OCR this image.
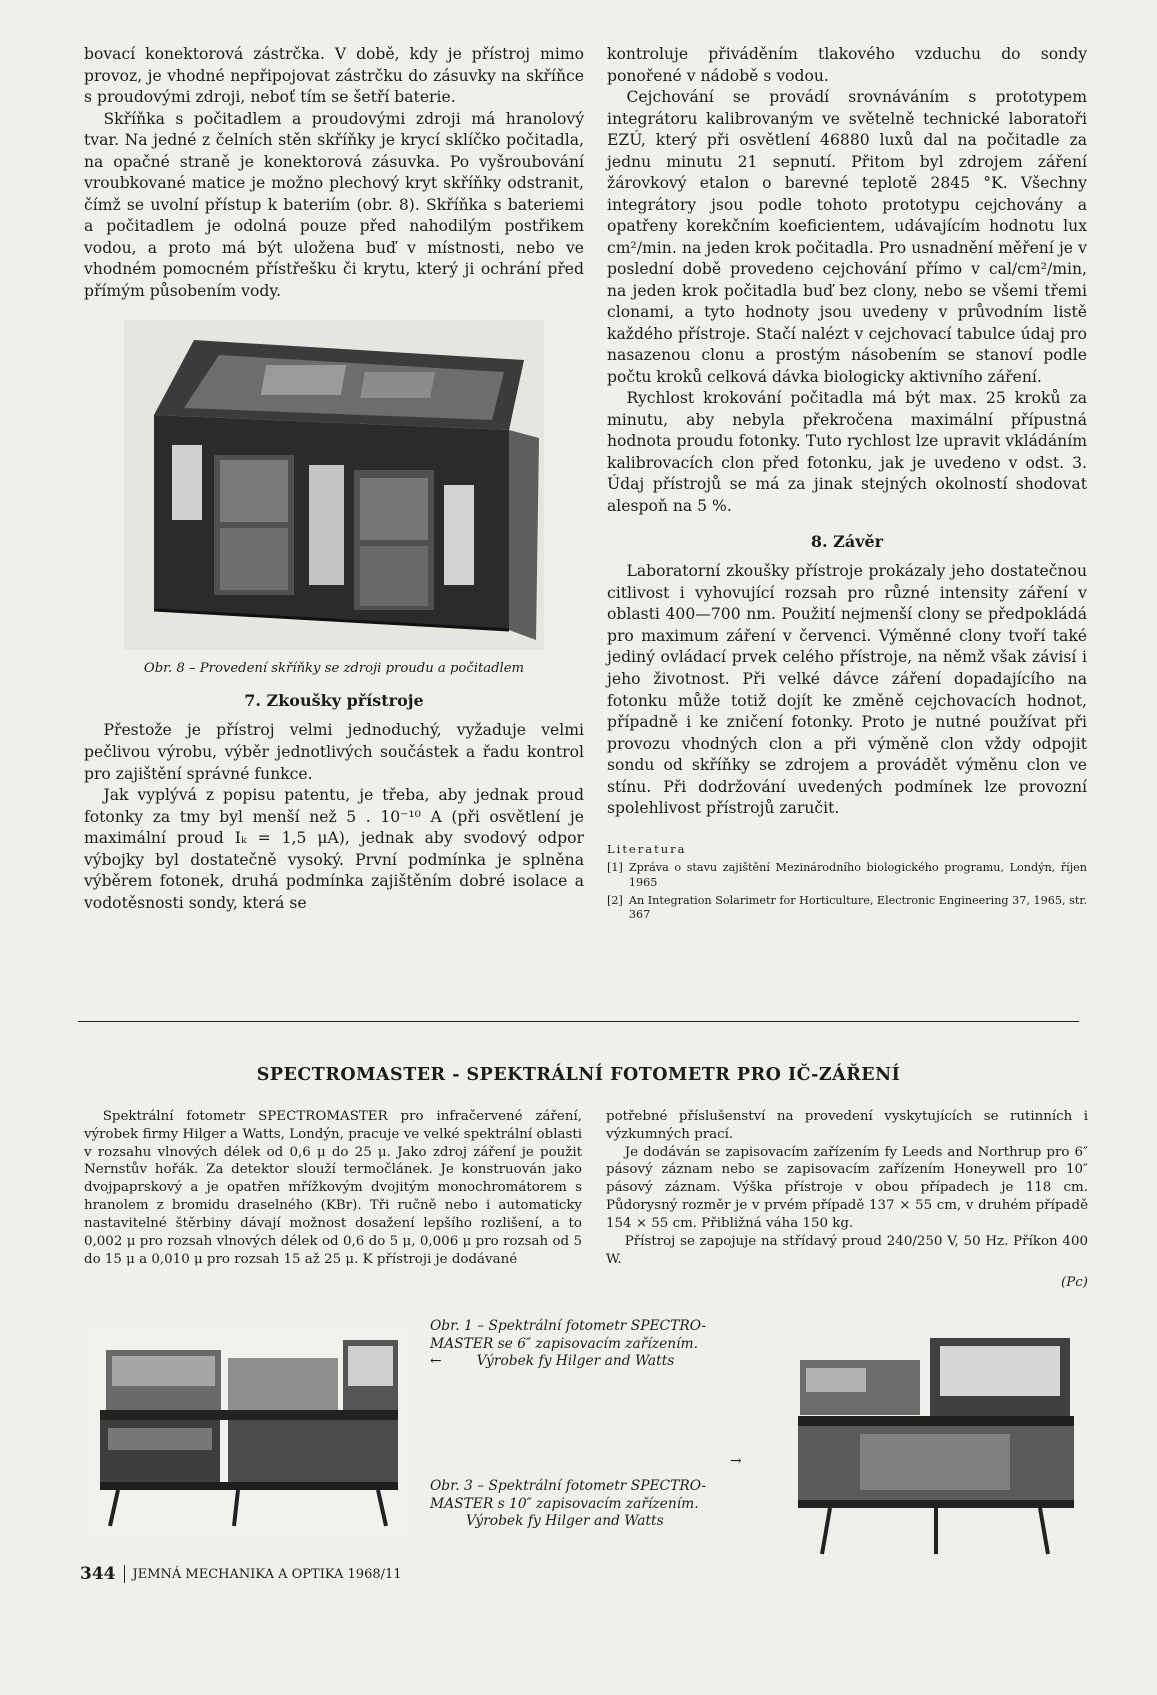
bovací konektorová zástrčka. V době, kdy je přístroj mimo provoz, je vhodné nepřipojovat zástrčku do zásuvky na skříňce s proudovými zdroji, neboť tím se šetří baterie.

Skříňka s počitadlem a proudovými zdroji má hranolový tvar. Na jedné z čelních stěn skříňky je krycí sklíčko počitadla, na opačné straně je konektorová zásuvka. Po vyšroubování vroubkované matice je možno plechový kryt skříňky odstranit, čímž se uvolní přístup k bateriím (obr. 8). Skříňka s bateriemi a počitadlem je odolná pouze před nahodilým postřikem vodou, a proto má být uložena buď v místnosti, nebo ve vhodném pomocném přístřešku či krytu, který ji ochrání před přímým působením vody.

Obr. 8 – Provedení skříňky se zdroji proudu a počitadlem
7. Zkoušky přístroje

Přestože je přístroj velmi jednoduchý, vyžaduje velmi pečlivou výrobu, výběr jednotlivých součástek a řadu kontrol pro zajištění správné funkce.

Jak vyplývá z popisu patentu, je třeba, aby jednak proud fotonky za tmy byl menší než 5 . 10⁻¹⁰ A (při osvětlení je maximální proud Iₖ = 1,5 μA), jednak aby svodový odpor výbojky byl dostatečně vysoký. První podmínka je splněna výběrem fotonek, druhá podmínka zajištěním dobré isolace a vodotěsnosti sondy, která se

kontroluje přiváděním tlakového vzduchu do sondy ponořené v nádobě s vodou.

Cejchování se provádí srovnáváním s prototypem integrátoru kalibrovaným ve světelně technické laboratoři EZÚ, který při osvětlení 46880 luxů dal na počitadle za jednu minutu 21 sepnutí. Přitom byl zdrojem záření žárovkový etalon o barevné teplotě 2845 °K. Všechny integrátory jsou podle tohoto prototypu cejchovány a opatřeny korekčním koeficientem, udávajícím hodnotu lux cm²/min. na jeden krok počitadla. Pro usnadnění měření je v poslední době provedeno cejchování přímo v cal/cm²/min, na jeden krok počitadla buď bez clony, nebo se všemi třemi clonami, a tyto hodnoty jsou uvedeny v průvodním listě každého přístroje. Stačí nalézt v cejchovací tabulce údaj pro nasazenou clonu a prostým násobením se stanoví podle počtu kroků celková dávka biologicky aktivního záření.

Rychlost krokování počitadla má být max. 25 kroků za minutu, aby nebyla překročena maximální přípustná hodnota proudu fotonky. Tuto rychlost lze upravit vkládáním kalibrovacích clon před fotonku, jak je uvedeno v odst. 3. Údaj přístrojů se má za jinak stejných okolností shodovat alespoň na 5 %.

8. Závěr

Laboratorní zkoušky přístroje prokázaly jeho dostatečnou citlivost i vyhovující rozsah pro různé intensity záření v oblasti 400—700 nm. Použití nejmenší clony se předpokládá pro maximum záření v červenci. Výměnné clony tvoří také jediný ovládací prvek celého přístroje, na němž však závisí i jeho životnost. Při velké dávce záření dopadajícího na fotonku může totiž dojít ke změně cejchovacích hodnot, případně i ke zničení fotonky. Proto je nutné používat při provozu vhodných clon a při výměně clon vždy odpojit sondu od skříňky se zdrojem a provádět výměnu clon ve stínu. Při dodržování uvedených podmínek lze provozní spolehlivost přístrojů zaručit.

Literatura
[1] Zpráva o stavu zajištění Mezinárodního biologického programu, Londýn, říjen 1965
[2] An Integration Solarimetr for Horticulture, Electronic Engineering 37, 1965, str. 367
SPECTROMASTER - SPEKTRÁLNÍ FOTOMETR PRO IČ-ZÁŘENÍ

Spektrální fotometr SPECTROMASTER pro infračervené záření, výrobek firmy Hilger a Watts, Londýn, pracuje ve velké spektrální oblasti v rozsahu vlnových délek od 0,6 μ do 25 μ. Jako zdroj záření je použit Nernstův hořák. Za detektor slouží termočlánek. Je konstruován jako dvojpaprskový a je opatřen mřížkovým dvojitým monochromátorem s hranolem z bromidu draselného (KBr). Tři ručně nebo i automaticky nastavitelné štěrbiny dávají možnost dosažení lepšího rozlišení, a to 0,002 μ pro rozsah vlnových délek od 0,6 do 5 μ, 0,006 μ pro rozsah od 5 do 15 μ a 0,010 μ pro rozsah 15 až 25 μ. K přístroji je dodávané

potřebné příslušenství na provedení vyskytujících se rutinních i výzkumných prací.

Je dodáván se zapisovacím zařízením fy Leeds and Northrup pro 6″ pásový záznam nebo se zapisovacím zařízením Honeywell pro 10″ pásový záznam. Výška přístroje v obou případech je 118 cm. Půdorysný rozměr je v prvém případě 137 × 55 cm, v druhém případě 154 × 55 cm. Přibližná váha 150 kg.

Přístroj se zapojuje na střídavý proud 240/250 V, 50 Hz. Příkon 400 W.

(Pc)
Obr. 1 – Spektrální fotometr SPECTRO-
MASTER se 6″ zapisovacím zařízením.
←        Výrobek fy Hilger and Watts
→
Obr. 3 – Spektrální fotometr SPECTRO-
MASTER s 10″ zapisovacím zařízením.
Výrobek fy Hilger and Watts
344 JEMNÁ MECHANIKA A OPTIKA 1968/11
